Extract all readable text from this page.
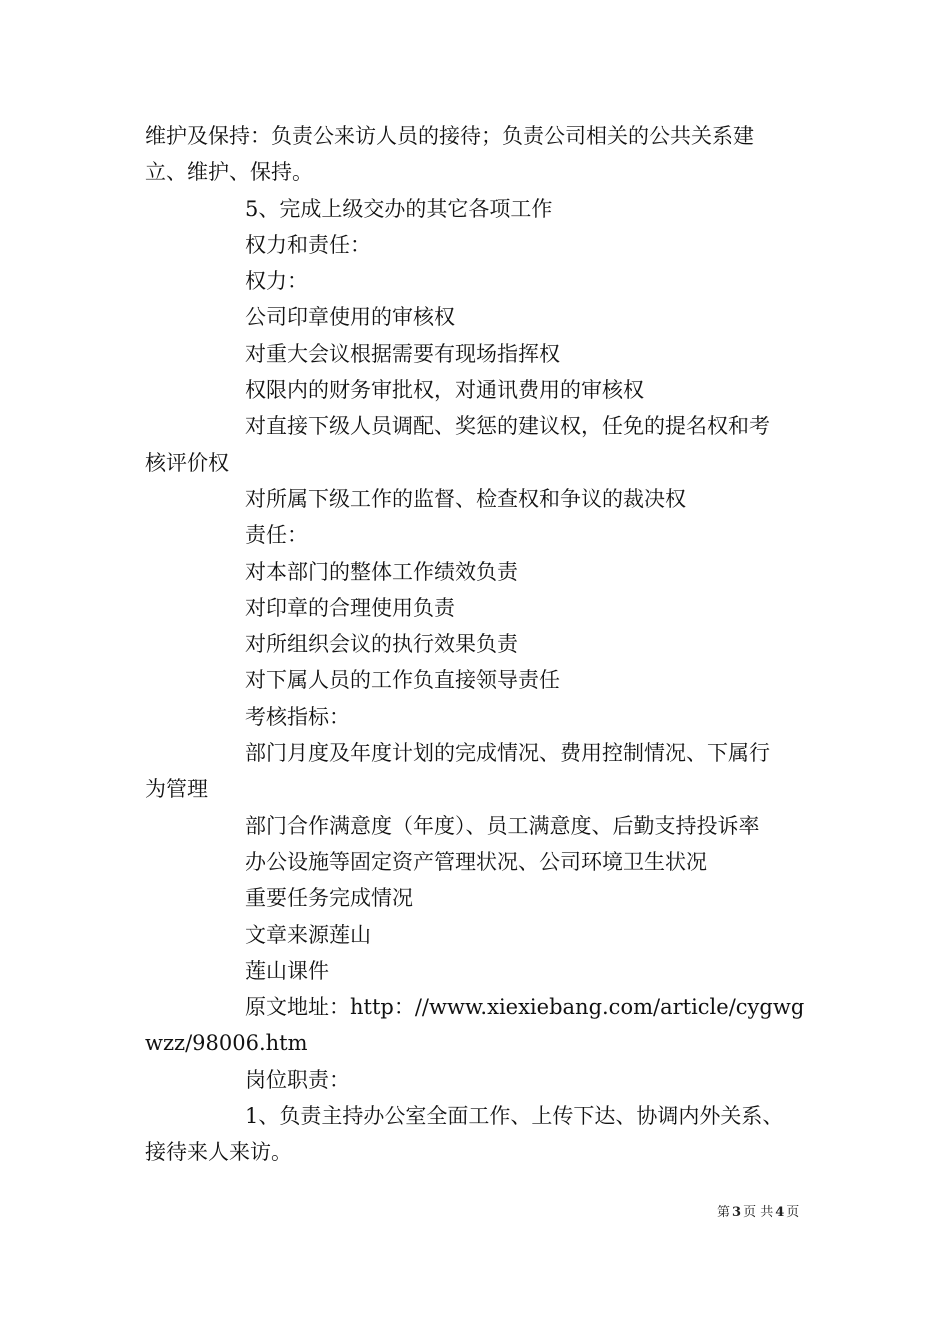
维护及保持：负责公来访人员的接待；负责公司相关的公共关系建
立、维护、保持。
5、完成上级交办的其它各项工作
权力和责任：
权力：
公司印章使用的审核权
对重大会议根据需要有现场指挥权
权限内的财务审批权，对通讯费用的审核权
对直接下级人员调配、奖惩的建议权，任免的提名权和考
核评价权
对所属下级工作的监督、检查权和争议的裁决权
责任：
对本部门的整体工作绩效负责
对印章的合理使用负责
对所组织会议的执行效果负责
对下属人员的工作负直接领导责任
考核指标：
部门月度及年度计划的完成情况、费用控制情况、下属行
为管理
部门合作满意度（年度）、员工满意度、后勤支持投诉率
办公设施等固定资产管理状况、公司环境卫生状况
重要任务完成情况
文章来源莲山
莲山课件
原文地址：http：//www.xiexiebang.com/article/cygwg
wzz/98006.htm
岗位职责：
1、负责主持办公室全面工作、上传下达、协调内外关系、
接待来人来访。
第 3 页 共 4 页
